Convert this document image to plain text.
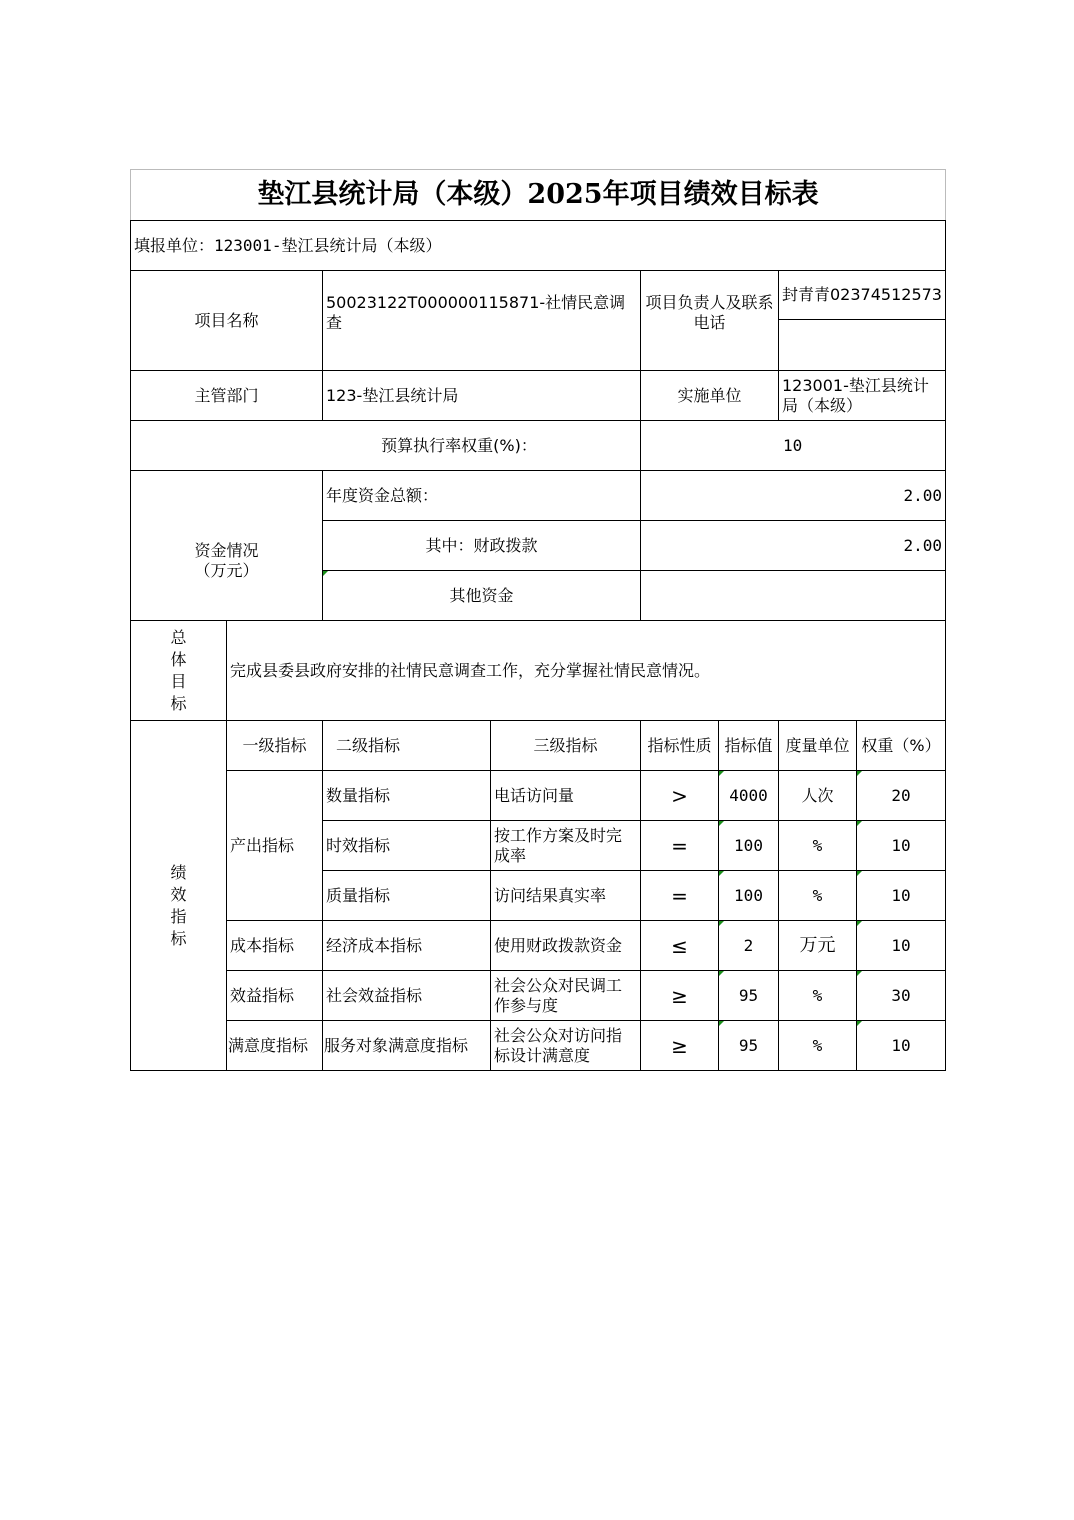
垫江县统计局（本级）2025年项目绩效目标表							
填报单位：123001-垫江县统计局（本级）							
项目名称		50023122T000000115871-社情民意调查		项目负责人及联系电话		封青青02374512573	

主管部门		123-垫江县统计局		实施单位		123001-垫江县统计局（本级）	
预算执行率权重(%)：				10			

资金情况
（万元）		年度资金总额：		2.00			
		其中：财政拨款		2.00			
		其他资金					

总
体
目
标	完成县委县政府安排的社情民意调查工作，充分掌握社情民意情况。						

绩
效
指
标	一级指标	二级指标	三级指标	指标性质	指标值	度量单位	权重（%）
	产出指标	数量指标	电话访问量	>	4000	人次	20
		时效指标	按工作方案及时完成率	=	100	%	10
		质量指标	访问结果真实率	=	100	%	10
	成本指标	经济成本指标	使用财政拨款资金	≤	2	万元	10
	效益指标	社会效益指标	社会公众对民调工作参与度	≥	95	%	30
	满意度指标	服务对象满意度指标	社会公众对访问指标设计满意度	≥	95	%	10
